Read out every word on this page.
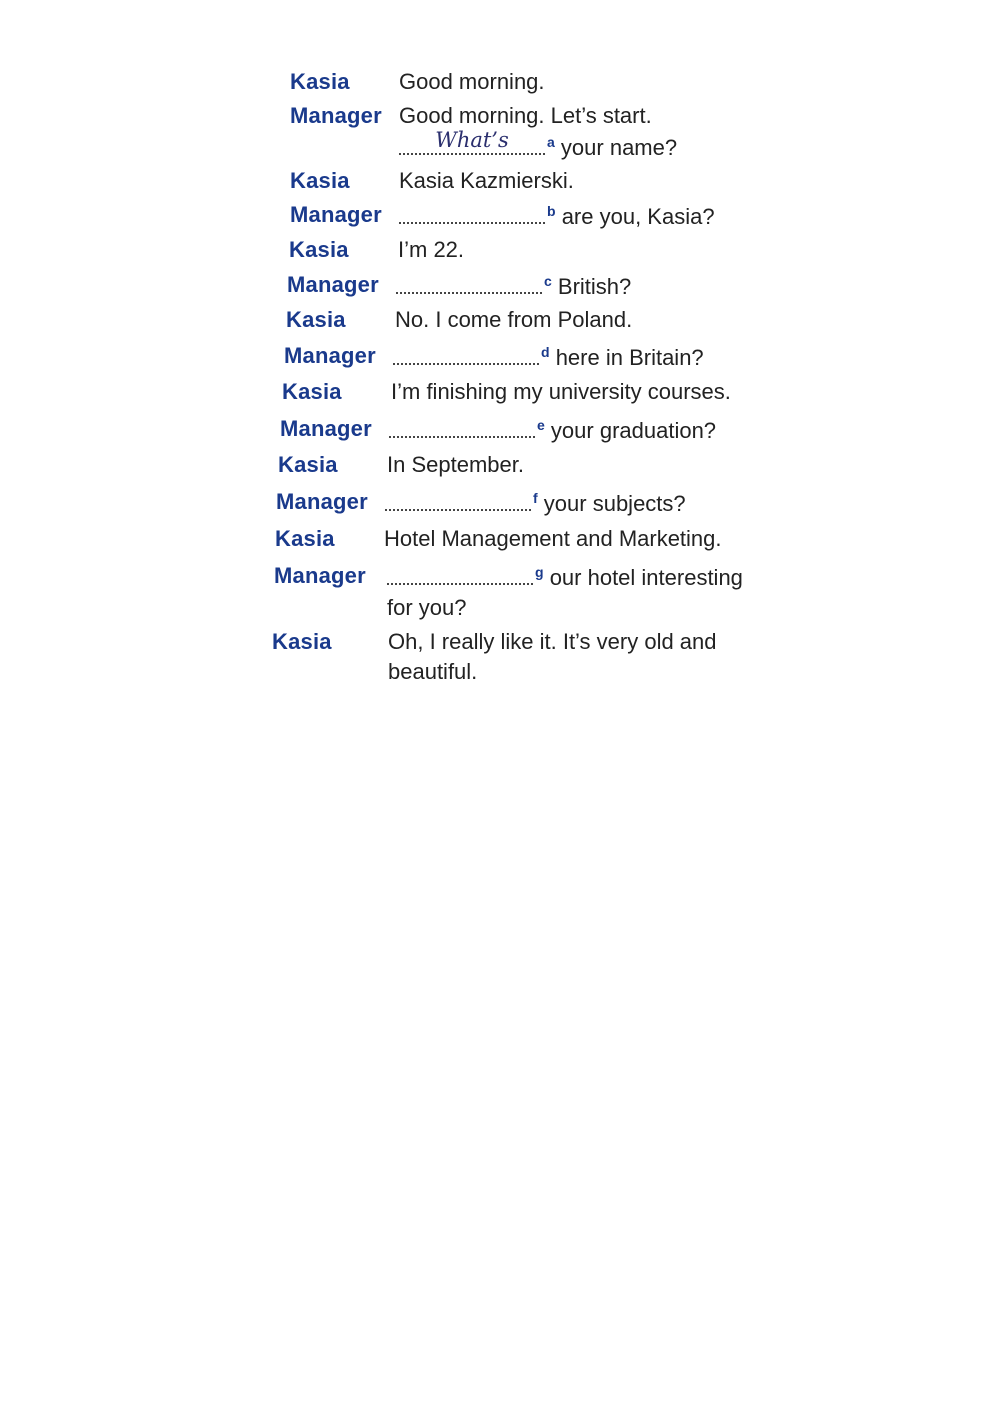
Kasia Good morning.
Manager Good morning. Let’s start.

What’s	$^a$ your name?
Kasia Kasia Kazmierski.
Manager	$^b$ are you, Kasia?
Kasia I’m 22.
Manager	$^c$ British?
Kasia No. I come from Poland.
Manager	$^d$ here in Britain?
Kasia I’m finishing my university courses.
Manager	$^e$ your graduation?
Kasia In September.
Manager	$^f$ your subjects?
Kasia Hotel Management and Marketing.
Manager	$^g$ our hotel interesting
for you?
Kasia	Oh, I really like it. It’s very old and
beautiful.
